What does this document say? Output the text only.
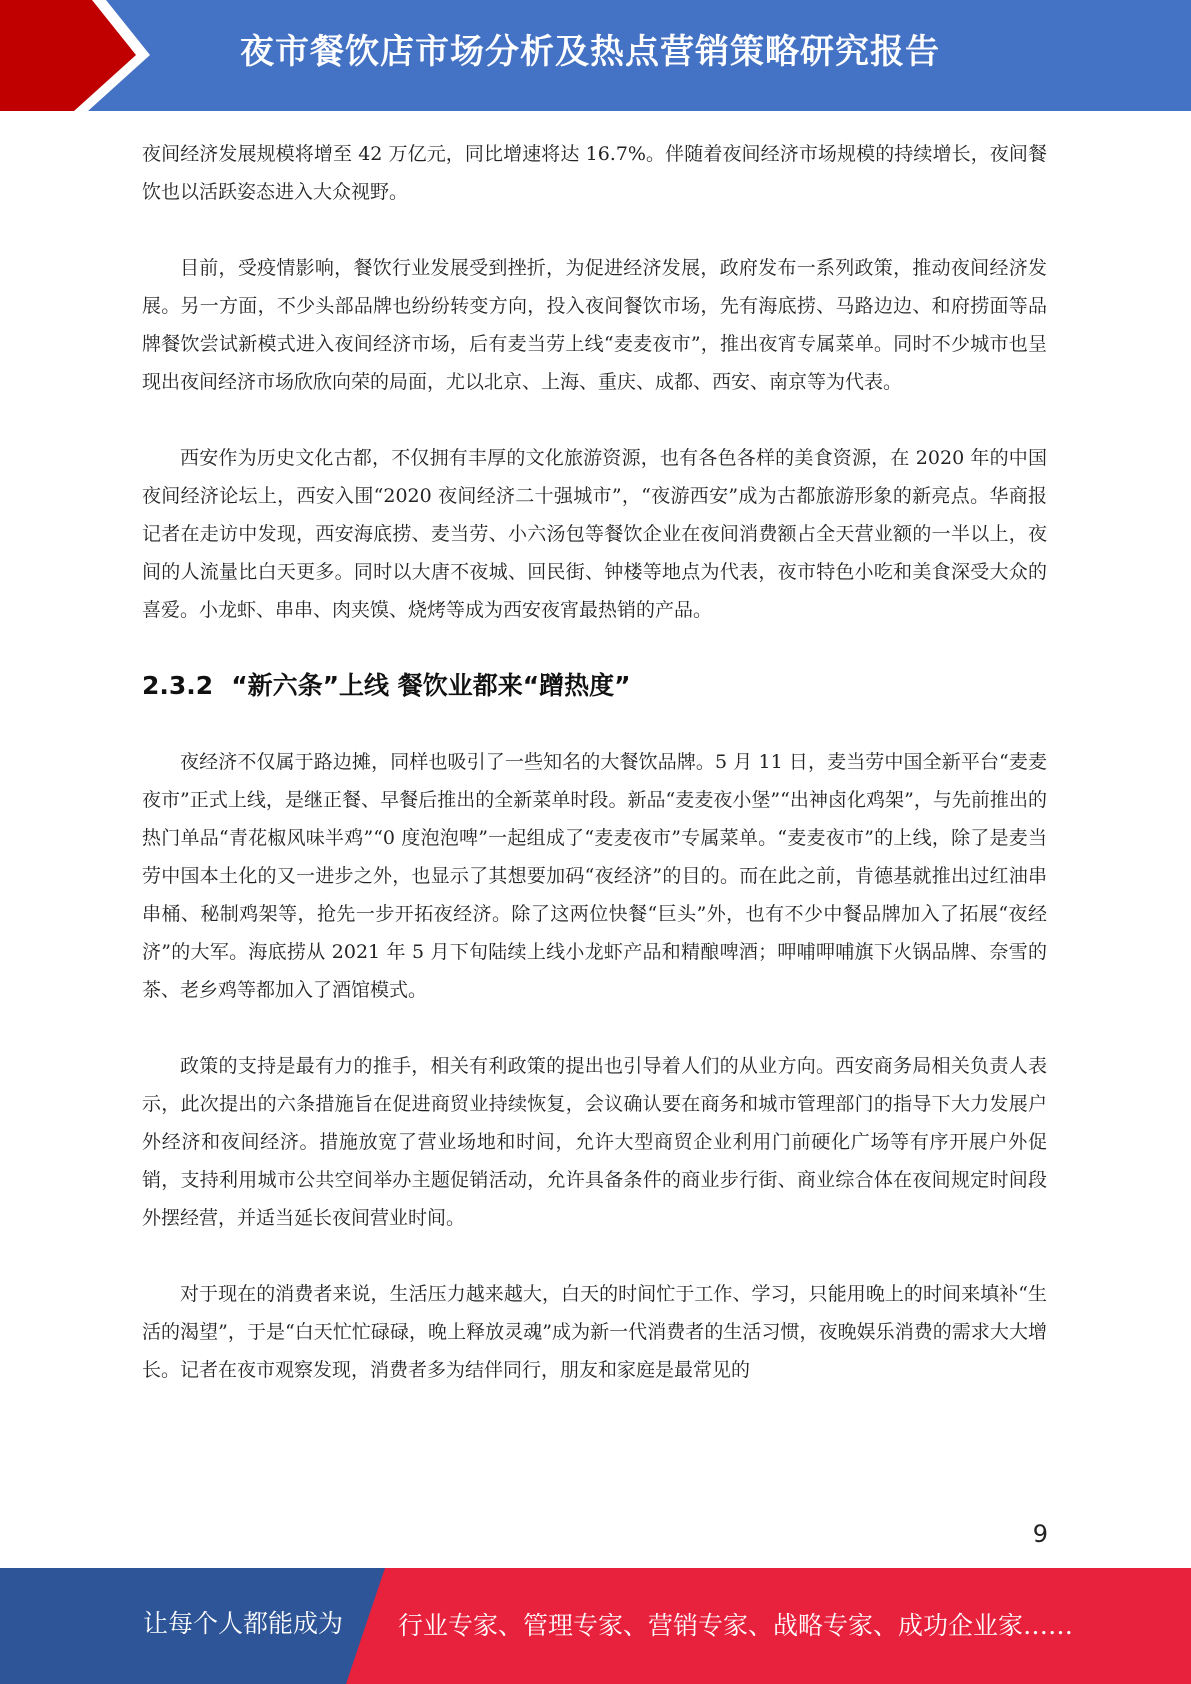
夜市餐饮店市场分析及热点营销策略研究报告

夜间经济发展规模将增至 42 万亿元，同比增速将达 16.7%。伴随着夜间经济市场规模的持续增长，夜间餐饮也以活跃姿态进入大众视野。

目前，受疫情影响，餐饮行业发展受到挫折，为促进经济发展，政府发布一系列政策，推动夜间经济发展。另一方面，不少头部品牌也纷纷转变方向，投入夜间餐饮市场，先有海底捞、马路边边、和府捞面等品牌餐饮尝试新模式进入夜间经济市场，后有麦当劳上线“麦麦夜市”，推出夜宵专属菜单。同时不少城市也呈现出夜间经济市场欣欣向荣的局面，尤以北京、上海、重庆、成都、西安、南京等为代表。

西安作为历史文化古都，不仅拥有丰厚的文化旅游资源，也有各色各样的美食资源，在 2020 年的中国夜间经济论坛上，西安入围“2020 夜间经济二十强城市”，“夜游西安”成为古都旅游形象的新亮点。华商报记者在走访中发现，西安海底捞、麦当劳、小六汤包等餐饮企业在夜间消费额占全天营业额的一半以上，夜间的人流量比白天更多。同时以大唐不夜城、回民街、钟楼等地点为代表，夜市特色小吃和美食深受大众的喜爱。小龙虾、串串、肉夹馍、烧烤等成为西安夜宵最热销的产品。

2.3.2 “新六条”上线 餐饮业都来“蹭热度”

夜经济不仅属于路边摊，同样也吸引了一些知名的大餐饮品牌。5 月 11 日，麦当劳中国全新平台“麦麦夜市”正式上线，是继正餐、早餐后推出的全新菜单时段。新品“麦麦夜小堡”“出神卤化鸡架”，与先前推出的热门单品“青花椒风味半鸡”“0 度泡泡啤”一起组成了“麦麦夜市”专属菜单。“麦麦夜市”的上线，除了是麦当劳中国本土化的又一进步之外，也显示了其想要加码“夜经济”的目的。而在此之前，肯德基就推出过红油串串桶、秘制鸡架等，抢先一步开拓夜经济。除了这两位快餐“巨头”外，也有不少中餐品牌加入了拓展“夜经济”的大军。海底捞从 2021 年 5 月下旬陆续上线小龙虾产品和精酿啤酒；呷哺呷哺旗下火锅品牌、奈雪的茶、老乡鸡等都加入了酒馆模式。

政策的支持是最有力的推手，相关有利政策的提出也引导着人们的从业方向。西安商务局相关负责人表示，此次提出的六条措施旨在促进商贸业持续恢复，会议确认要在商务和城市管理部门的指导下大力发展户外经济和夜间经济。措施放宽了营业场地和时间，允许大型商贸企业利用门前硬化广场等有序开展户外促销，支持利用城市公共空间举办主题促销活动，允许具备条件的商业步行街、商业综合体在夜间规定时间段外摆经营，并适当延长夜间营业时间。

对于现在的消费者来说，生活压力越来越大，白天的时间忙于工作、学习，只能用晚上的时间来填补“生活的渴望”，于是“白天忙忙碌碌，晚上释放灵魂”成为新一代消费者的生活习惯，夜晚娱乐消费的需求大大增长。记者在夜市观察发现，消费者多为结伴同行，朋友和家庭是最常见的

9
让每个人都能成为 行业专家、管理专家、营销专家、战略专家、成功企业家……
